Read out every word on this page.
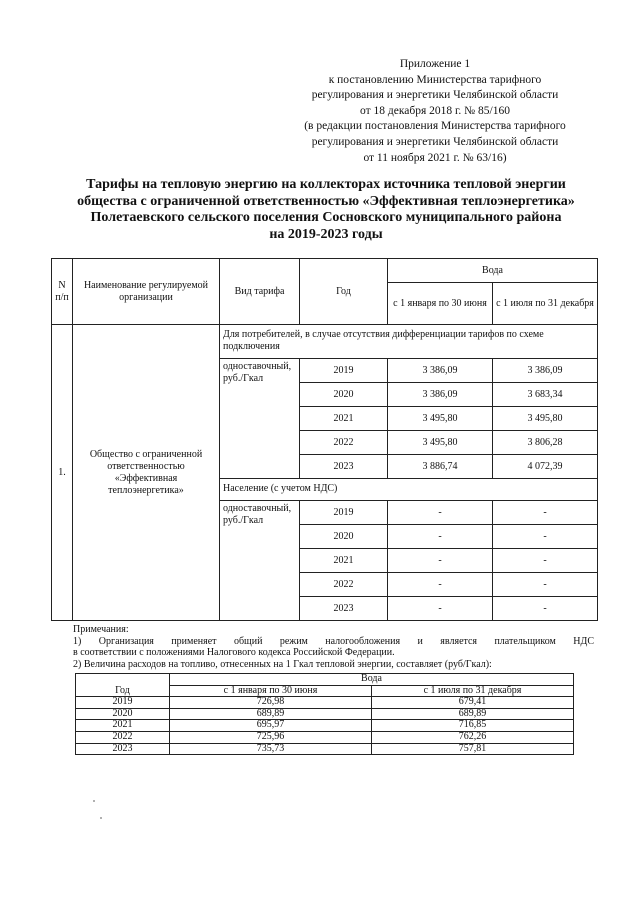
Приложение 1
к постановлению Министерства тарифного
регулирования и энергетики Челябинской области
от 18 декабря 2018 г. № 85/160
(в редакции постановления Министерства тарифного
регулирования и энергетики Челябинской области
от 11 ноября 2021 г. № 63/16)
Тарифы на тепловую энергию на коллекторах источника тепловой энергии
общества с ограниченной ответственностью «Эффективная теплоэнергетика»
Полетаевского сельского поселения Сосновского муниципального района
на 2019-2023 годы
N п/п	Наименование регулируемой организации	Вид тарифа	Год	Вода	
				с 1 января по 30 июня	с 1 июля по 31 декабря
1.	Общество с ограниченной ответственностью «Эффективная теплоэнергетика»	Для потребителей, в случае отсутствия дифференциации тарифов по схеме подключения			
		одноставочный, руб./Гкал	2019	3 386,09	3 386,09
			2020	3 386,09	3 683,34
			2021	3 495,80	3 495,80
			2022	3 495,80	3 806,28
			2023	3 886,74	4 072,39
		Население (с учетом НДС)			
		одноставочный, руб./Гкал	2019	-	-
			2020	-	-
			2021	-	-
			2022	-	-
			2023	-	-
Примечания:
1) Организация применяет общий режим налогообложения и является плательщиком НДС
в соответствии с положениями Налогового кодекса Российской Федерации.
2) Величина расходов на топливо, отнесенных на 1 Гкал тепловой энергии, составляет (руб/Гкал):
Год	Вода	
	с 1 января по 30 июня	с 1 июля по 31 декабря
2019	726,98	679,41
2020	689,89	689,89
2021	695,97	716,85
2022	725,96	762,26
2023	735,73	757,81
